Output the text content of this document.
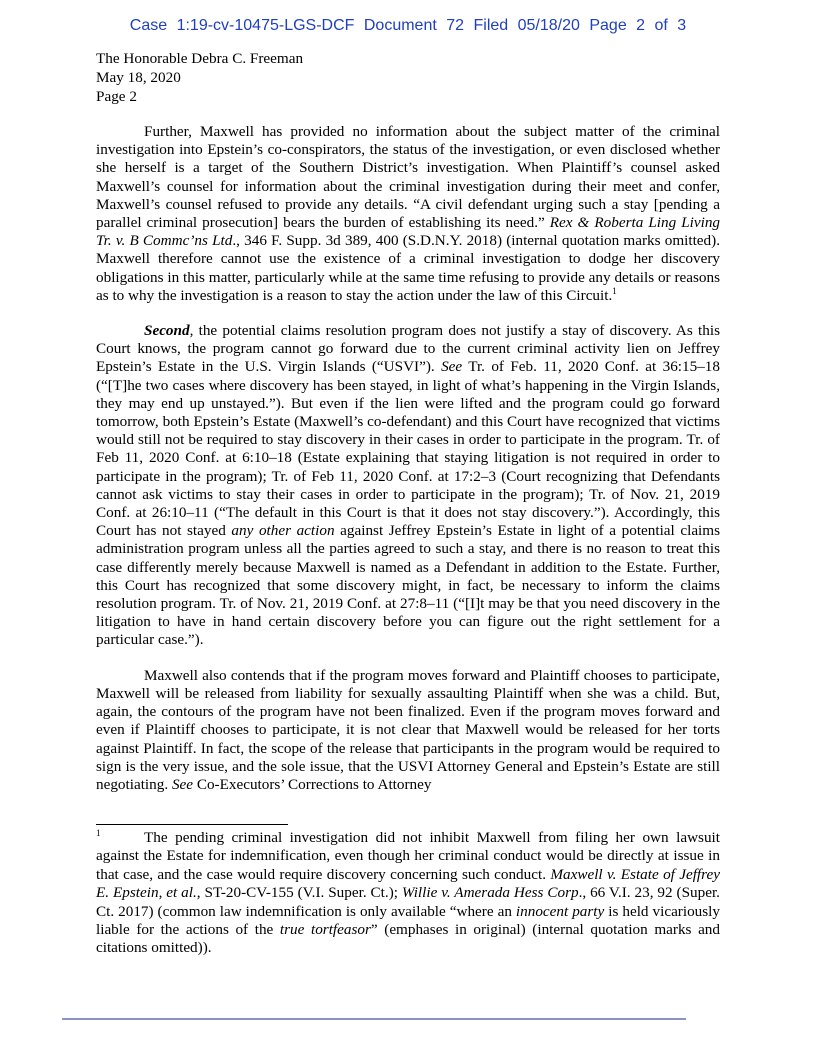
Case 1:19-cv-10475-LGS-DCF Document 72 Filed 05/18/20 Page 2 of 3
The Honorable Debra C. Freeman
May 18, 2020
Page 2

Further, Maxwell has provided no information about the subject matter of the criminal investigation into Epstein’s co-conspirators, the status of the investigation, or even disclosed whether she herself is a target of the Southern District’s investigation. When Plaintiff’s counsel asked Maxwell’s counsel for information about the criminal investigation during their meet and confer, Maxwell’s counsel refused to provide any details. “A civil defendant urging such a stay [pending a parallel criminal prosecution] bears the burden of establishing its need.” Rex & Roberta Ling Living Tr. v. B Commc’ns Ltd., 346 F. Supp. 3d 389, 400 (S.D.N.Y. 2018) (internal quotation marks omitted). Maxwell therefore cannot use the existence of a criminal investigation to dodge her discovery obligations in this matter, particularly while at the same time refusing to provide any details or reasons as to why the investigation is a reason to stay the action under the law of this Circuit.$^1$

Second, the potential claims resolution program does not justify a stay of discovery. As this Court knows, the program cannot go forward due to the current criminal activity lien on Jeffrey Epstein’s Estate in the U.S. Virgin Islands (“USVI”). See Tr. of Feb. 11, 2020 Conf. at 36:15–18 (“[T]he two cases where discovery has been stayed, in light of what’s happening in the Virgin Islands, they may end up unstayed.”). But even if the lien were lifted and the program could go forward tomorrow, both Epstein’s Estate (Maxwell’s co-defendant) and this Court have recognized that victims would still not be required to stay discovery in their cases in order to participate in the program. Tr. of Feb 11, 2020 Conf. at 6:10–18 (Estate explaining that staying litigation is not required in order to participate in the program); Tr. of Feb 11, 2020 Conf. at 17:2–3 (Court recognizing that Defendants cannot ask victims to stay their cases in order to participate in the program); Tr. of Nov. 21, 2019 Conf. at 26:10–11 (“The default in this Court is that it does not stay discovery.”). Accordingly, this Court has not stayed any other action against Jeffrey Epstein’s Estate in light of a potential claims administration program unless all the parties agreed to such a stay, and there is no reason to treat this case differently merely because Maxwell is named as a Defendant in addition to the Estate. Further, this Court has recognized that some discovery might, in fact, be necessary to inform the claims resolution program. Tr. of Nov. 21, 2019 Conf. at 27:8–11 (“[I]t may be that you need discovery in the litigation to have in hand certain discovery before you can figure out the right settlement for a particular case.”).

Maxwell also contends that if the program moves forward and Plaintiff chooses to participate, Maxwell will be released from liability for sexually assaulting Plaintiff when she was a child. But, again, the contours of the program have not been finalized. Even if the program moves forward and even if Plaintiff chooses to participate, it is not clear that Maxwell would be released for her torts against Plaintiff. In fact, the scope of the release that participants in the program would be required to sign is the very issue, and the sole issue, that the USVI Attorney General and Epstein’s Estate are still negotiating. See Co-Executors’ Corrections to Attorney

1	The pending criminal investigation did not inhibit Maxwell from filing her own lawsuit against the Estate for indemnification, even though her criminal conduct would be directly at issue in that case, and the case would require discovery concerning such conduct. Maxwell v. Estate of Jeffrey E. Epstein, et al., ST-20-CV-155 (V.I. Super. Ct.); Willie v. Amerada Hess Corp., 66 V.I. 23, 92 (Super. Ct. 2017) (common law indemnification is only available “where an innocent party is held vicariously liable for the actions of the true tortfeasor” (emphases in original) (internal quotation marks and citations omitted)).
